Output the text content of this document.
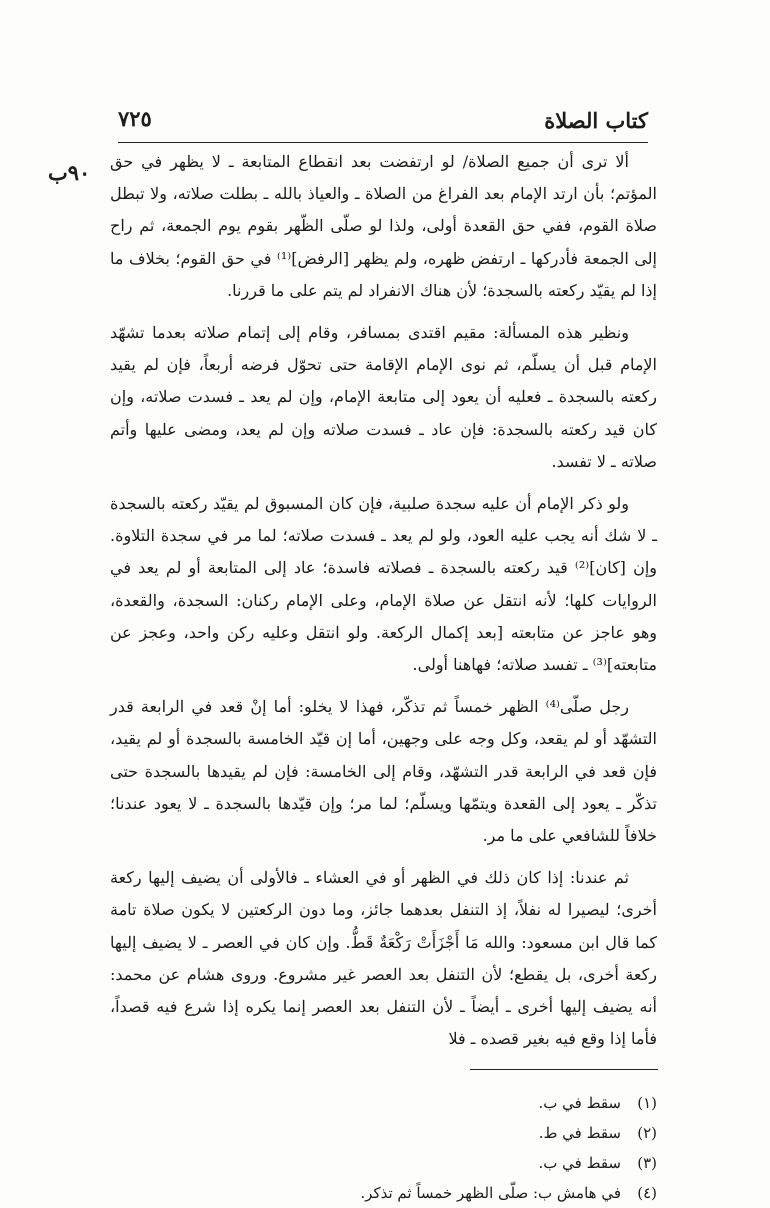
كتاب الصلاة
٧٢٥
٩٠ب ألا ترى أن جميع الصلاة/ لو ارتفضت بعد انقطاع المتابعة ـ لا يظهر في حق المؤتم؛ بأن ارتد الإمام بعد الفراغ من الصلاة ـ والعياذ بالله ـ بطلت صلاته، ولا تبطل صلاة القوم، ففي حق القعدة أولى، ولذا لو صلّى الظّهر بقوم يوم الجمعة، ثم راح إلى الجمعة فأدركها ـ ارتفض ظهره، ولم يظهر [الرفض]⁽¹⁾ في حق القوم؛ بخلاف ما إذا لم يقيّد ركعته بالسجدة؛ لأن هناك الانفراد لم يتم على ما قررنا.

ونظير هذه المسألة: مقيم اقتدى بمسافر، وقام إلى إتمام صلاته بعدما تشهّد الإمام قبل أن يسلّم، ثم نوى الإمام الإقامة حتى تحوّل فرضه أربعاً، فإن لم يقيد ركعته بالسجدة ـ فعليه أن يعود إلى متابعة الإمام، وإن لم يعد ـ فسدت صلاته، وإن كان قيد ركعته بالسجدة: فإن عاد ـ فسدت صلاته وإن لم يعد، ومضى عليها وأتم صلاته ـ لا تفسد.

ولو ذكر الإمام أن عليه سجدة صلبية، فإن كان المسبوق لم يقيّد ركعته بالسجدة ـ لا شك أنه يجب عليه العود، ولو لم يعد ـ فسدت صلاته؛ لما مر في سجدة التلاوة. وإن [كان]⁽²⁾ قيد ركعته بالسجدة ـ فصلاته فاسدة؛ عاد إلى المتابعة أو لم يعد في الروايات كلها؛ لأنه انتقل عن صلاة الإمام، وعلى الإمام ركنان: السجدة، والقعدة، وهو عاجز عن متابعته [بعد إكمال الركعة. ولو انتقل وعليه ركن واحد، وعجز عن متابعته]⁽³⁾ ـ تفسد صلاته؛ فهاهنا أولى.

رجل صلّى⁽⁴⁾ الظهر خمساً ثم تذكّر، فهذا لا يخلو: أما إنْ قعد في الرابعة قدر التشهّد أو لم يقعد، وكل وجه على وجهين، أما إن قيّد الخامسة بالسجدة أو لم يقيد، فإن قعد في الرابعة قدر التشهّد، وقام إلى الخامسة: فإن لم يقيدها بالسجدة حتى تذكّر ـ يعود إلى القعدة ويتمّها ويسلّم؛ لما مر؛ وإن قيّدها بالسجدة ـ لا يعود عندنا؛ خلافاً للشافعي على ما مر.

ثم عندنا: إذا كان ذلك في الظهر أو في العشاء ـ فالأولى أن يضيف إليها ركعة أخرى؛ ليصيرا له نفلاً، إذ التنفل بعدهما جائز، وما دون الركعتين لا يكون صلاة تامة كما قال ابن مسعود: والله مَا أَجْزَأَتْ رَكْعَةٌ قَطُّ. وإن كان في العصر ـ لا يضيف إليها ركعة أخرى، بل يقطع؛ لأن التنفل بعد العصر غير مشروع. وروى هشام عن محمد: أنه يضيف إليها أخرى ـ أيضاً ـ لأن التنفل بعد العصر إنما يكره إذا شرع فيه قصداً، فأما إذا وقع فيه بغير قصده ـ فلا

(١)
سقط في ب.
(٢)
سقط في ط.
(٣)
سقط في ب.
(٤)
في هامش ب: صلّى الظهر خمساً ثم تذكر.
